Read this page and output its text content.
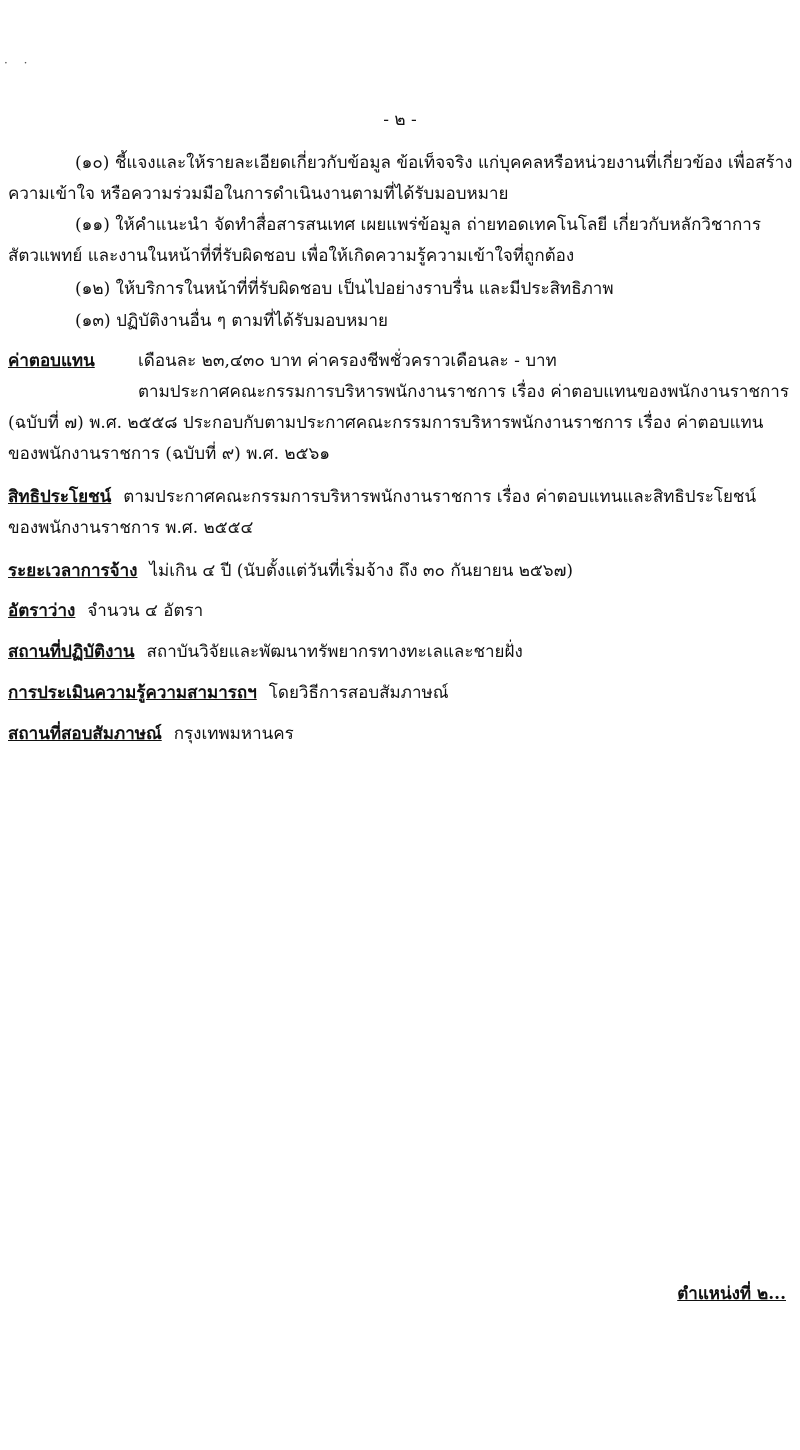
· ·
- ๒ -
(๑๐) ชี้แจงและให้รายละเอียดเกี่ยวกับข้อมูล ข้อเท็จจริง แก่บุคคลหรือหน่วยงานที่เกี่ยวข้อง เพื่อสร้าง
ความเข้าใจ หรือความร่วมมือในการดำเนินงานตามที่ได้รับมอบหมาย
(๑๑) ให้คำแนะนำ จัดทำสื่อสารสนเทศ เผยแพร่ข้อมูล ถ่ายทอดเทคโนโลยี เกี่ยวกับหลักวิชาการ
สัตวแพทย์ และงานในหน้าที่ที่รับผิดชอบ เพื่อให้เกิดความรู้ความเข้าใจที่ถูกต้อง
(๑๒) ให้บริการในหน้าที่ที่รับผิดชอบ เป็นไปอย่างราบรื่น และมีประสิทธิภาพ
(๑๓) ปฏิบัติงานอื่น ๆ ตามที่ได้รับมอบหมาย
ค่าตอบแทน	เดือนละ ๒๓,๔๓๐ บาท ค่าครองชีพชั่วคราวเดือนละ - บาท
ตามประกาศคณะกรรมการบริหารพนักงานราชการ เรื่อง ค่าตอบแทนของพนักงานราชการ
(ฉบับที่ ๗) พ.ศ. ๒๕๕๘ ประกอบกับตามประกาศคณะกรรมการบริหารพนักงานราชการ เรื่อง ค่าตอบแทน
ของพนักงานราชการ (ฉบับที่ ๙) พ.ศ. ๒๕๖๑
สิทธิประโยชน์ ตามประกาศคณะกรรมการบริหารพนักงานราชการ เรื่อง ค่าตอบแทนและสิทธิประโยชน์
ของพนักงานราชการ พ.ศ. ๒๕๕๔
ระยะเวลาการจ้าง ไม่เกิน ๔ ปี (นับตั้งแต่วันที่เริ่มจ้าง ถึง ๓๐ กันยายน ๒๕๖๗)
อัตราว่าง จำนวน ๔ อัตรา
สถานที่ปฏิบัติงาน สถาบันวิจัยและพัฒนาทรัพยากรทางทะเลและชายฝั่ง
การประเมินความรู้ความสามารถฯ โดยวิธีการสอบสัมภาษณ์
สถานที่สอบสัมภาษณ์ กรุงเทพมหานคร
ตำแหน่งที่ ๒...
